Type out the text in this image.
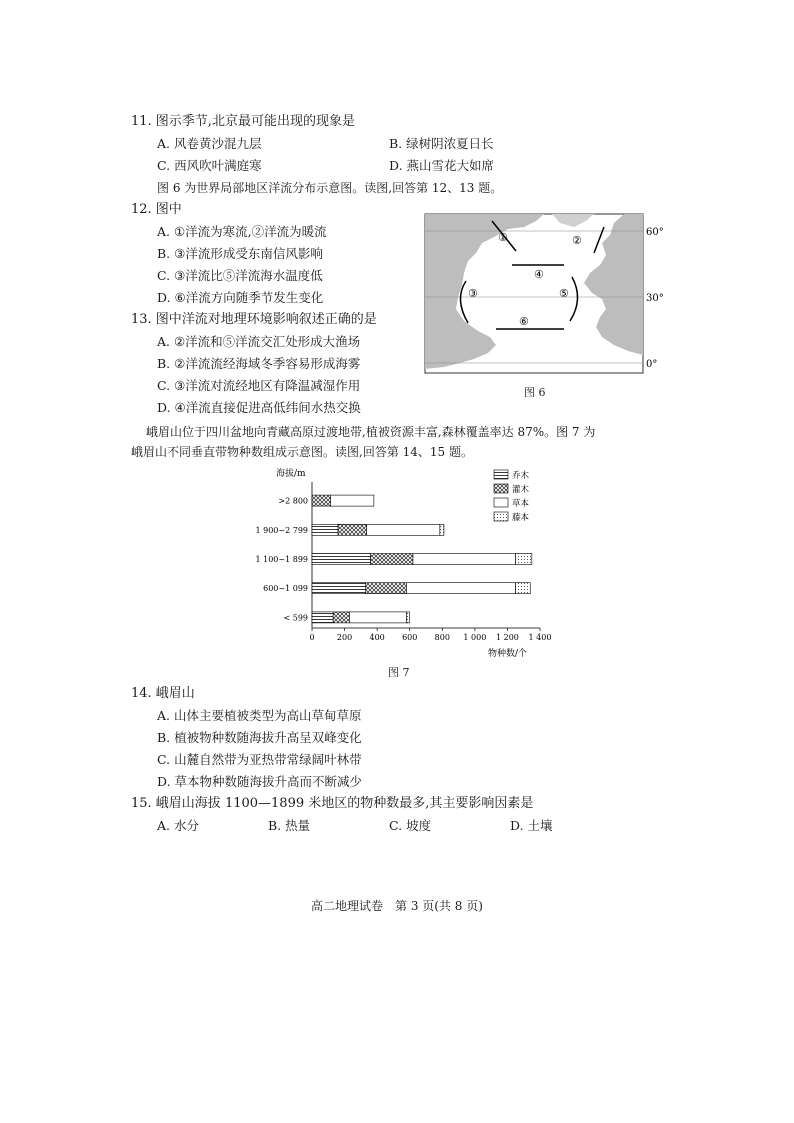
11. 图示季节,北京最可能出现的现象是
A. 风卷黄沙混九层	B. 绿树阴浓夏日长
C. 西风吹叶满庭寒	D. 燕山雪花大如席
图 6 为世界局部地区洋流分布示意图。读图,回答第 12、13 题。
12. 图中
A. ①洋流为寒流,②洋流为暖流
B. ③洋流形成受东南信风影响
C. ③洋流比⑤洋流海水温度低
D. ⑥洋流方向随季节发生变化
13. 图中洋流对地理环境影响叙述正确的是
A. ②洋流和⑤洋流交汇处形成大渔场
B. ②洋流流经海域冬季容易形成海雾
C. ③洋流对流经地区有降温减湿作用
D. ④洋流直接促进高低纬间水热交换
①	②
③
④
⑤
⑥
60°
30°
0°
图 6
峨眉山位于四川盆地向青藏高原过渡地带,植被资源丰富,森林覆盖率达 87%。图 7 为
峨眉山不同垂直带物种数组成示意图。读图,回答第 14、15 题。
海拔/m
物种数/个
0	200 400 600 800 1 000 1 200 1 400
>2 800
1 900~2 799
1 100~1 899
600~1 099
< 599
乔木
灌木
草本
藤本
图 7
14. 峨眉山
A. 山体主要植被类型为高山草甸草原
B. 植被物种数随海拔升高呈双峰变化
C. 山麓自然带为亚热带常绿阔叶林带
D. 草本物种数随海拔升高而不断减少
15. 峨眉山海拔 1100—1899 米地区的物种数最多,其主要影响因素是
A. 水分	B. 热量	C. 坡度	D. 土壤
高二地理试卷　第 3 页(共 8 页)
